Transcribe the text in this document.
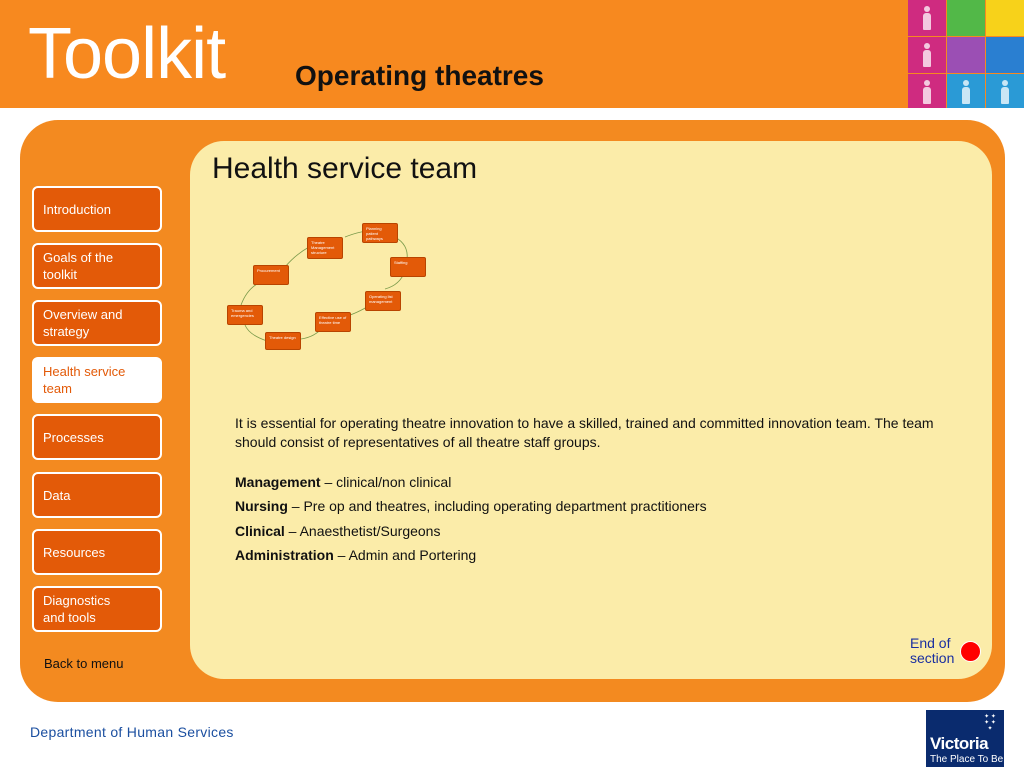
Toolkit Operating theatres
Introduction
Goals of the
toolkit
Overview and
strategy
Health service
team
Processes
Data
Resources
Diagnostics
and tools
Back to menu
Health service team
Planning patient pathways
Staffing
Operating list management
Effective use of theatre time
Theatre design
Trauma and emergencies
Procurement
Theatre Management structure
It is essential for operating theatre innovation to have a skilled, trained and committed innovation team. The team should consist of representatives of all theatre staff groups.
Management – clinical/non clinical
Nursing – Pre op and theatres, including operating department practitioners
Clinical – Anaesthetist/Surgeons
Administration – Admin and Portering
End of section
Department of Human Services
✦ ✦
✦ ✦
✦
Victoria
The Place To Be
